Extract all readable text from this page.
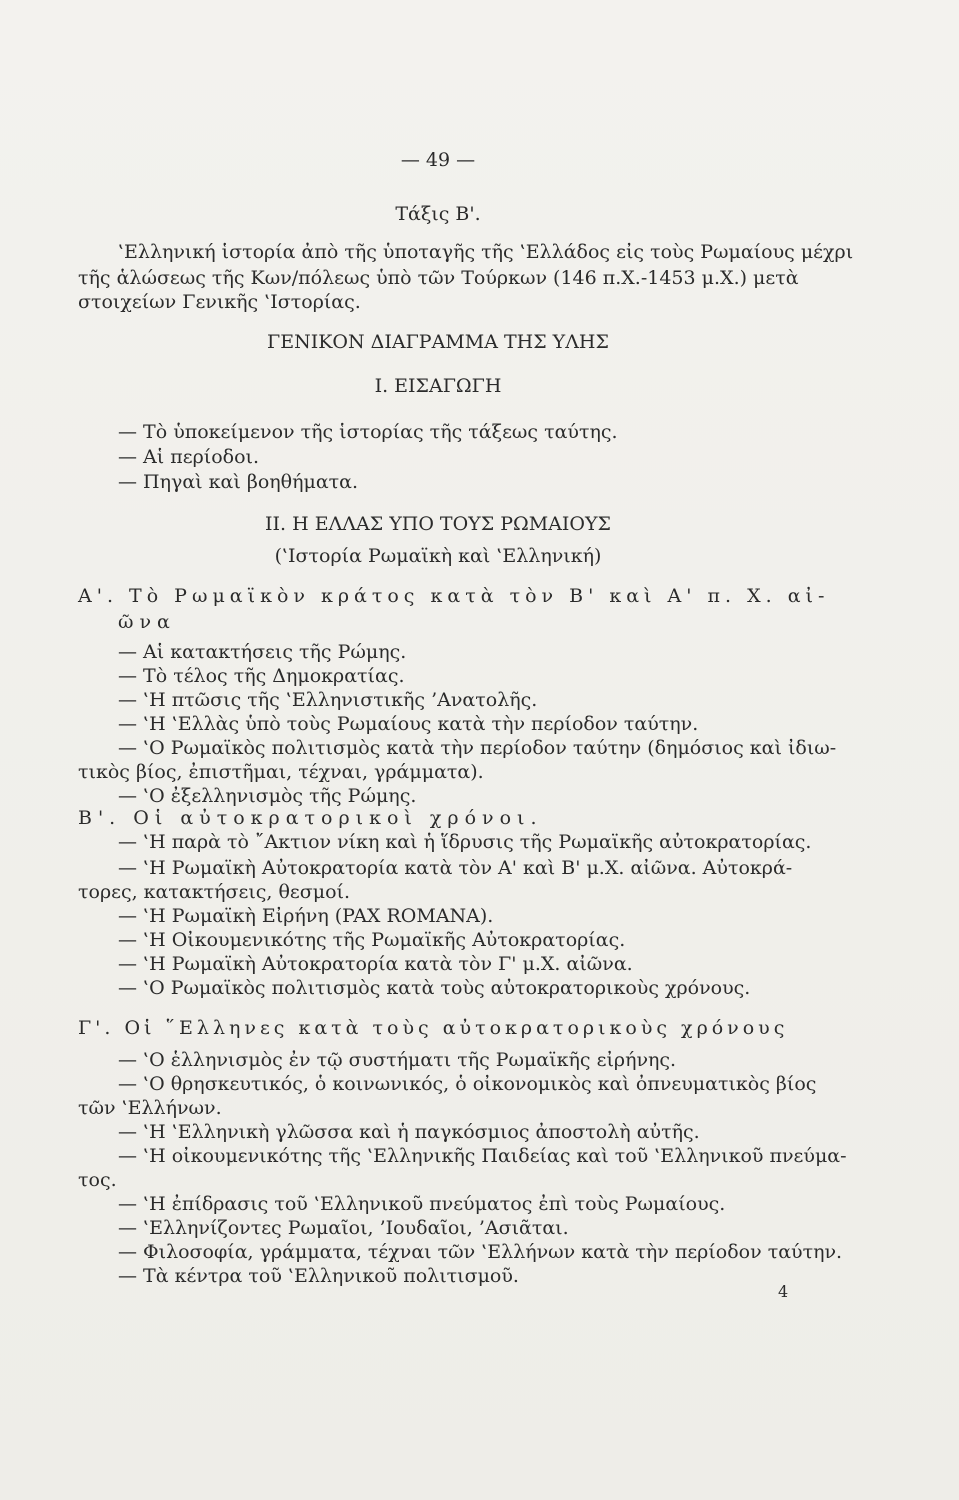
— 49 —
Τάξις Β'.
‛Ελληνική ἱστορία ἀπὸ τῆς ὑποταγῆς τῆς ‛Ελλάδος εἰς τοὺς Ρωμαίους μέχρι
τῆς ἁλώσεως τῆς Κων/πόλεως ὑπὸ τῶν Τούρκων (146 π.Χ.-1453 μ.Χ.) μετὰ
στοιχείων Γενικῆς ‛Ιστορίας.
ΓΕΝΙΚΟΝ ΔΙΑΓΡΑΜΜΑ ΤΗΣ ΥΛΗΣ
Ι. ΕΙΣΑΓΩΓΗ
— Τὸ ὑποκείμενον τῆς ἱστορίας τῆς τάξεως ταύτης.
— Αἱ περίοδοι.
— Πηγαὶ καὶ βοηθήματα.
ΙΙ. Η ΕΛΛΑΣ ΥΠΟ ΤΟΥΣ ΡΩΜΑΙΟΥΣ
(‛Ιστορία Ρωμαϊκὴ καὶ ‛Ελληνική)
Α'. Τὸ Ρωμαϊκὸν κράτος κατὰ τὸν Β' καὶ Α' π. Χ. αἰ-
ῶνα
— Αἱ κατακτήσεις τῆς Ρώμης.
— Τὸ τέλος τῆς Δημοκρατίας.
— ‛Η πτῶσις τῆς ‛Ελληνιστικῆς ’Ανατολῆς.
— ‛Η ‛Ελλὰς ὑπὸ τοὺς Ρωμαίους κατὰ τὴν περίοδον ταύτην.
— ‛Ο Ρωμαϊκὸς πολιτισμὸς κατὰ τὴν περίοδον ταύτην (δημόσιος καὶ ἰδιω-
τικὸς βίος, ἐπιστῆμαι, τέχναι, γράμματα).
— ‛Ο ἐξελληνισμὸς τῆς Ρώμης.
Β'. Οἱ αὐτοκρατορικοὶ χρόνοι.
— ‛Η παρὰ τὸ ῎Ακτιον νίκη καὶ ἡ ἵδρυσις τῆς Ρωμαϊκῆς αὐτοκρατορίας.
— ‛Η Ρωμαϊκὴ Αὐτοκρατορία κατὰ τὸν Α' καὶ Β' μ.Χ. αἰῶνα. Αὐτοκρά-
τορες, κατακτήσεις, θεσμοί.
— ‛Η Ρωμαϊκὴ Εἰρήνη (PAX ROMANA).
— ‛Η Οἰκουμενικότης τῆς Ρωμαϊκῆς Αὐτοκρατορίας.
— ‛Η Ρωμαϊκὴ Αὐτοκρατορία κατὰ τὸν Γ' μ.Χ. αἰῶνα.
— ‛Ο Ρωμαϊκὸς πολιτισμὸς κατὰ τοὺς αὐτοκρατορικοὺς χρόνους.
Γ'. Οἱ ῞Ελληνες κατὰ τοὺς αὐτοκρατορικοὺς χρόνους
— ‛Ο ἑλληνισμὸς ἐν τῷ συστήματι τῆς Ρωμαϊκῆς εἰρήνης.
— ‛Ο θρησκευτικός, ὁ κοινωνικός, ὁ οἰκονομικὸς καὶ ὀπνευματικὸς βίος
τῶν ‛Ελλήνων.
— ‛Η ‛Ελληνικὴ γλῶσσα καὶ ἡ παγκόσμιος ἀποστολὴ αὐτῆς.
— ‛Η οἰκουμενικότης τῆς ‛Ελληνικῆς Παιδείας καὶ τοῦ ‛Ελληνικοῦ πνεύμα-
τος.
— ‛Η ἐπίδρασις τοῦ ‛Ελληνικοῦ πνεύματος ἐπὶ τοὺς Ρωμαίους.
— ‛Ελληνίζοντες Ρωμαῖοι, ’Ιουδαῖοι, ’Ασιᾶται.
— Φιλοσοφία, γράμματα, τέχναι τῶν ‛Ελλήνων κατὰ τὴν περίοδον ταύτην.
— Τὰ κέντρα τοῦ ‛Ελληνικοῦ πολιτισμοῦ.
4
